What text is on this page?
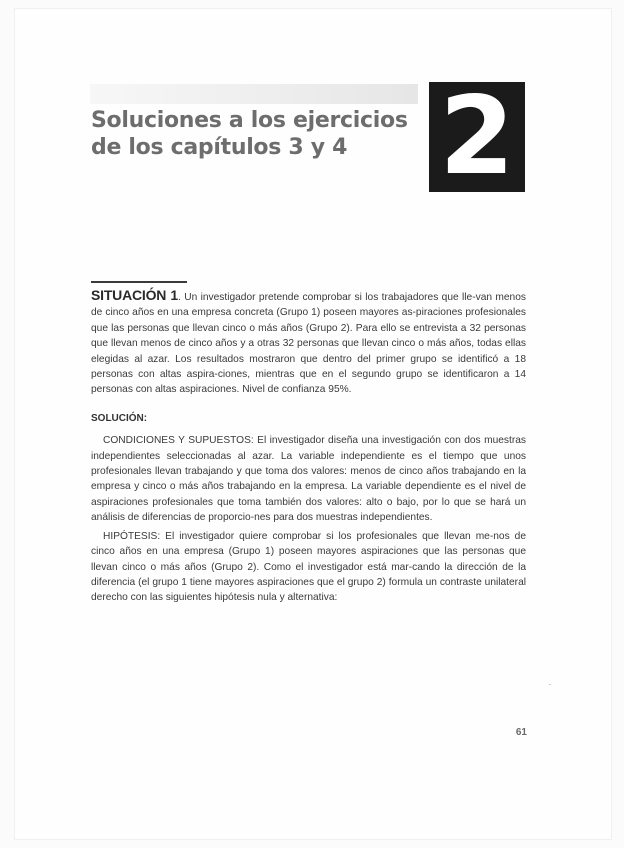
Soluciones a los ejercicios
de los capítulos 3 y 4 2

SITUACIÓN 1. Un investigador pretende comprobar si los trabajadores que lle-van menos de cinco años en una empresa concreta (Grupo 1) poseen mayores as-piraciones profesionales que las personas que llevan cinco o más años (Grupo 2). Para ello se entrevista a 32 personas que llevan menos de cinco años y a otras 32 personas que llevan cinco o más años, todas ellas elegidas al azar. Los resultados mostraron que dentro del primer grupo se identificó a 18 personas con altas aspira-ciones, mientras que en el segundo grupo se identificaron a 14 personas con altas aspiraciones. Nivel de confianza 95%.

SOLUCIÓN:

CONDICIONES Y SUPUESTOS: El investigador diseña una investigación con dos muestras independientes seleccionadas al azar. La variable independiente es el tiempo que unos profesionales llevan trabajando y que toma dos valores: menos de cinco años trabajando en la empresa y cinco o más años trabajando en la empresa. La variable dependiente es el nivel de aspiraciones profesionales que toma también dos valores: alto o bajo, por lo que se hará un análisis de diferencias de proporcio-nes para dos muestras independientes.

HIPÓTESIS: El investigador quiere comprobar si los profesionales que llevan me-nos de cinco años en una empresa (Grupo 1) poseen mayores aspiraciones que las personas que llevan cinco o más años (Grupo 2). Como el investigador está mar-cando la dirección de la diferencia (el grupo 1 tiene mayores aspiraciones que el grupo 2) formula un contraste unilateral derecho con las siguientes hipótesis nula y alternativa:

61
